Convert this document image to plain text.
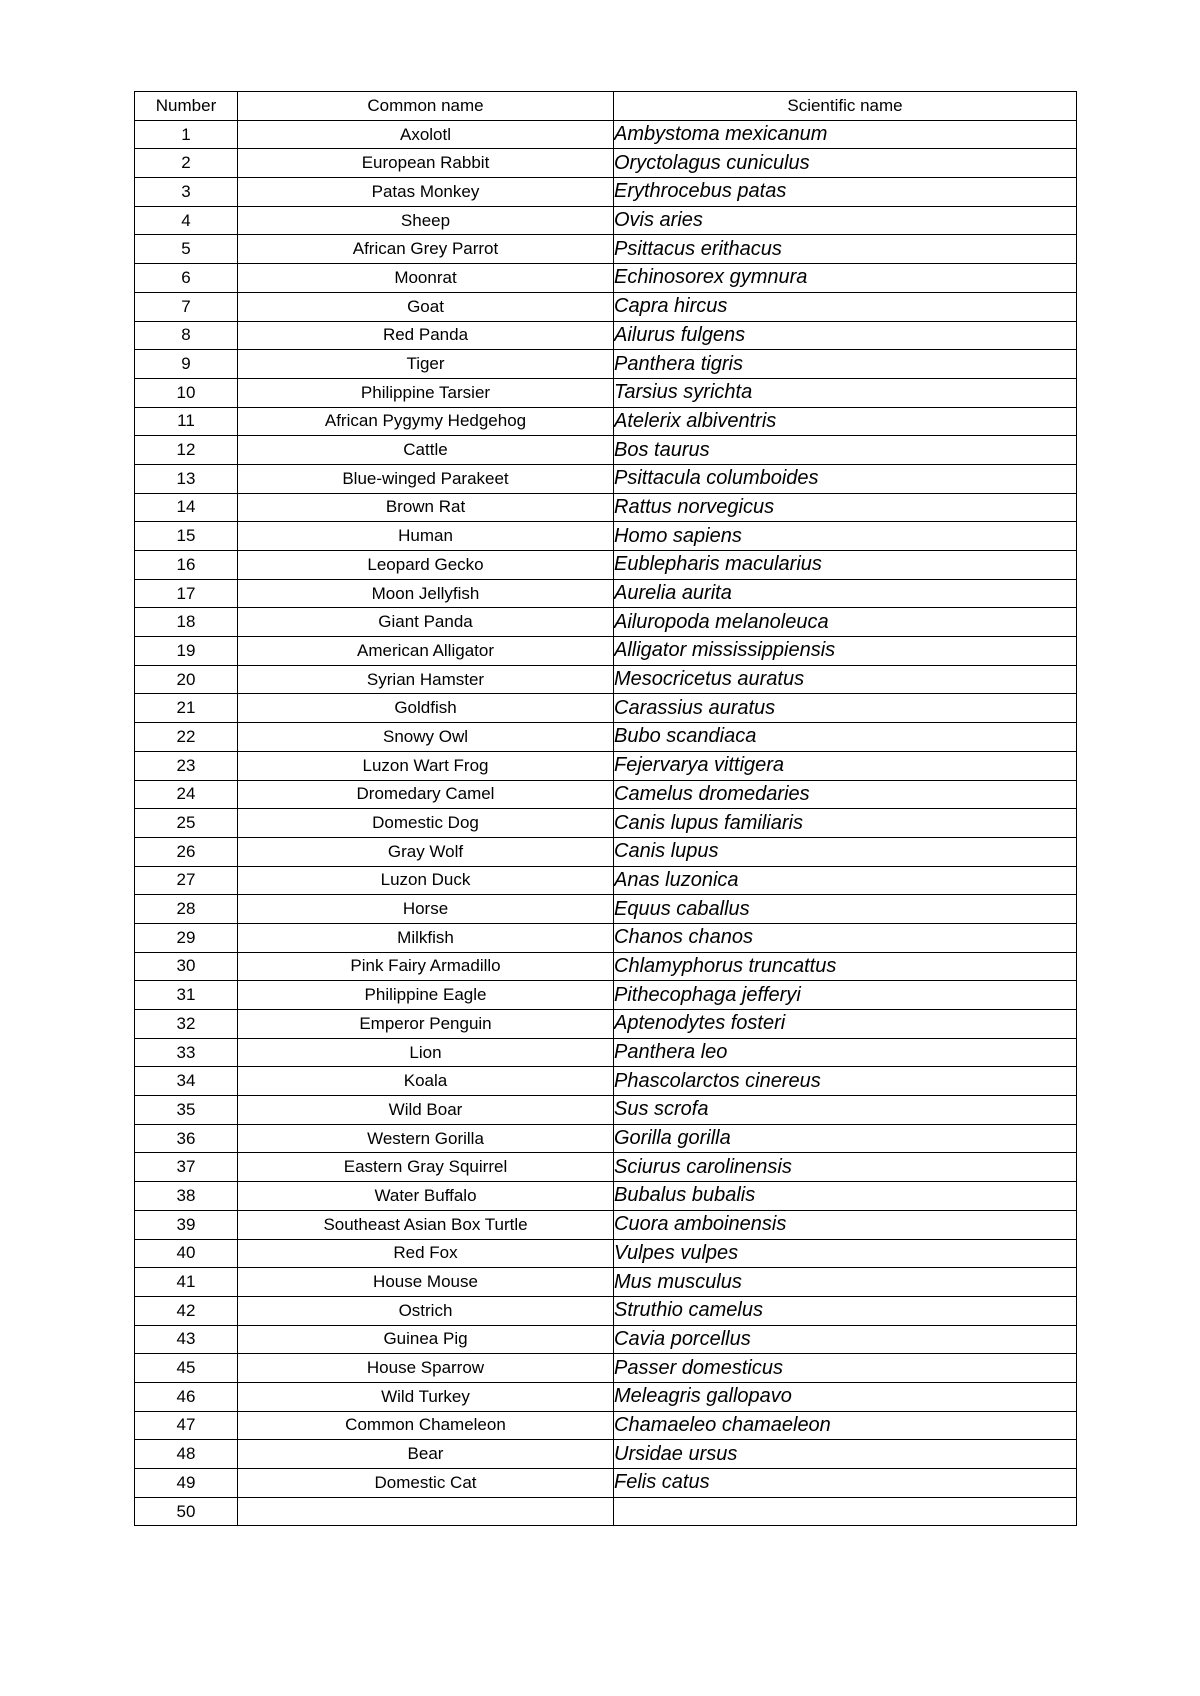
Number	Common name	Scientific name
1	Axolotl	Ambystoma mexicanum
2	European Rabbit	Oryctolagus cuniculus
3	Patas Monkey	Erythrocebus patas
4	Sheep	Ovis aries
5	African Grey Parrot	Psittacus erithacus
6	Moonrat	Echinosorex gymnura
7	Goat	Capra hircus
8	Red Panda	Ailurus fulgens
9	Tiger	Panthera tigris
10	Philippine Tarsier	Tarsius syrichta
11	African Pygymy Hedgehog	Atelerix albiventris
12	Cattle	Bos taurus
13	Blue-winged Parakeet	Psittacula columboides
14	Brown Rat	Rattus norvegicus
15	Human	Homo sapiens
16	Leopard Gecko	Eublepharis macularius
17	Moon Jellyfish	Aurelia aurita
18	Giant Panda	Ailuropoda melanoleuca
19	American Alligator	Alligator mississippiensis
20	Syrian Hamster	Mesocricetus auratus
21	Goldfish	Carassius auratus
22	Snowy Owl	Bubo scandiaca
23	Luzon Wart Frog	Fejervarya vittigera
24	Dromedary Camel	Camelus dromedaries
25	Domestic Dog	Canis lupus familiaris
26	Gray Wolf	Canis lupus
27	Luzon Duck	Anas luzonica
28	Horse	Equus caballus
29	Milkfish	Chanos chanos
30	Pink Fairy Armadillo	Chlamyphorus truncattus
31	Philippine Eagle	Pithecophaga jefferyi
32	Emperor Penguin	Aptenodytes fosteri
33	Lion	Panthera leo
34	Koala	Phascolarctos cinereus
35	Wild Boar	Sus scrofa
36	Western Gorilla	Gorilla gorilla
37	Eastern Gray Squirrel	Sciurus carolinensis
38	Water Buffalo	Bubalus bubalis
39	Southeast Asian Box Turtle	Cuora amboinensis
40	Red Fox	Vulpes vulpes
41	House Mouse	Mus musculus
42	Ostrich	Struthio camelus
43	Guinea Pig	Cavia porcellus
45	House Sparrow	Passer domesticus
46	Wild Turkey	Meleagris gallopavo
47	Common Chameleon	Chamaeleo chamaeleon
48	Bear	Ursidae ursus
49	Domestic Cat	Felis catus
50		
